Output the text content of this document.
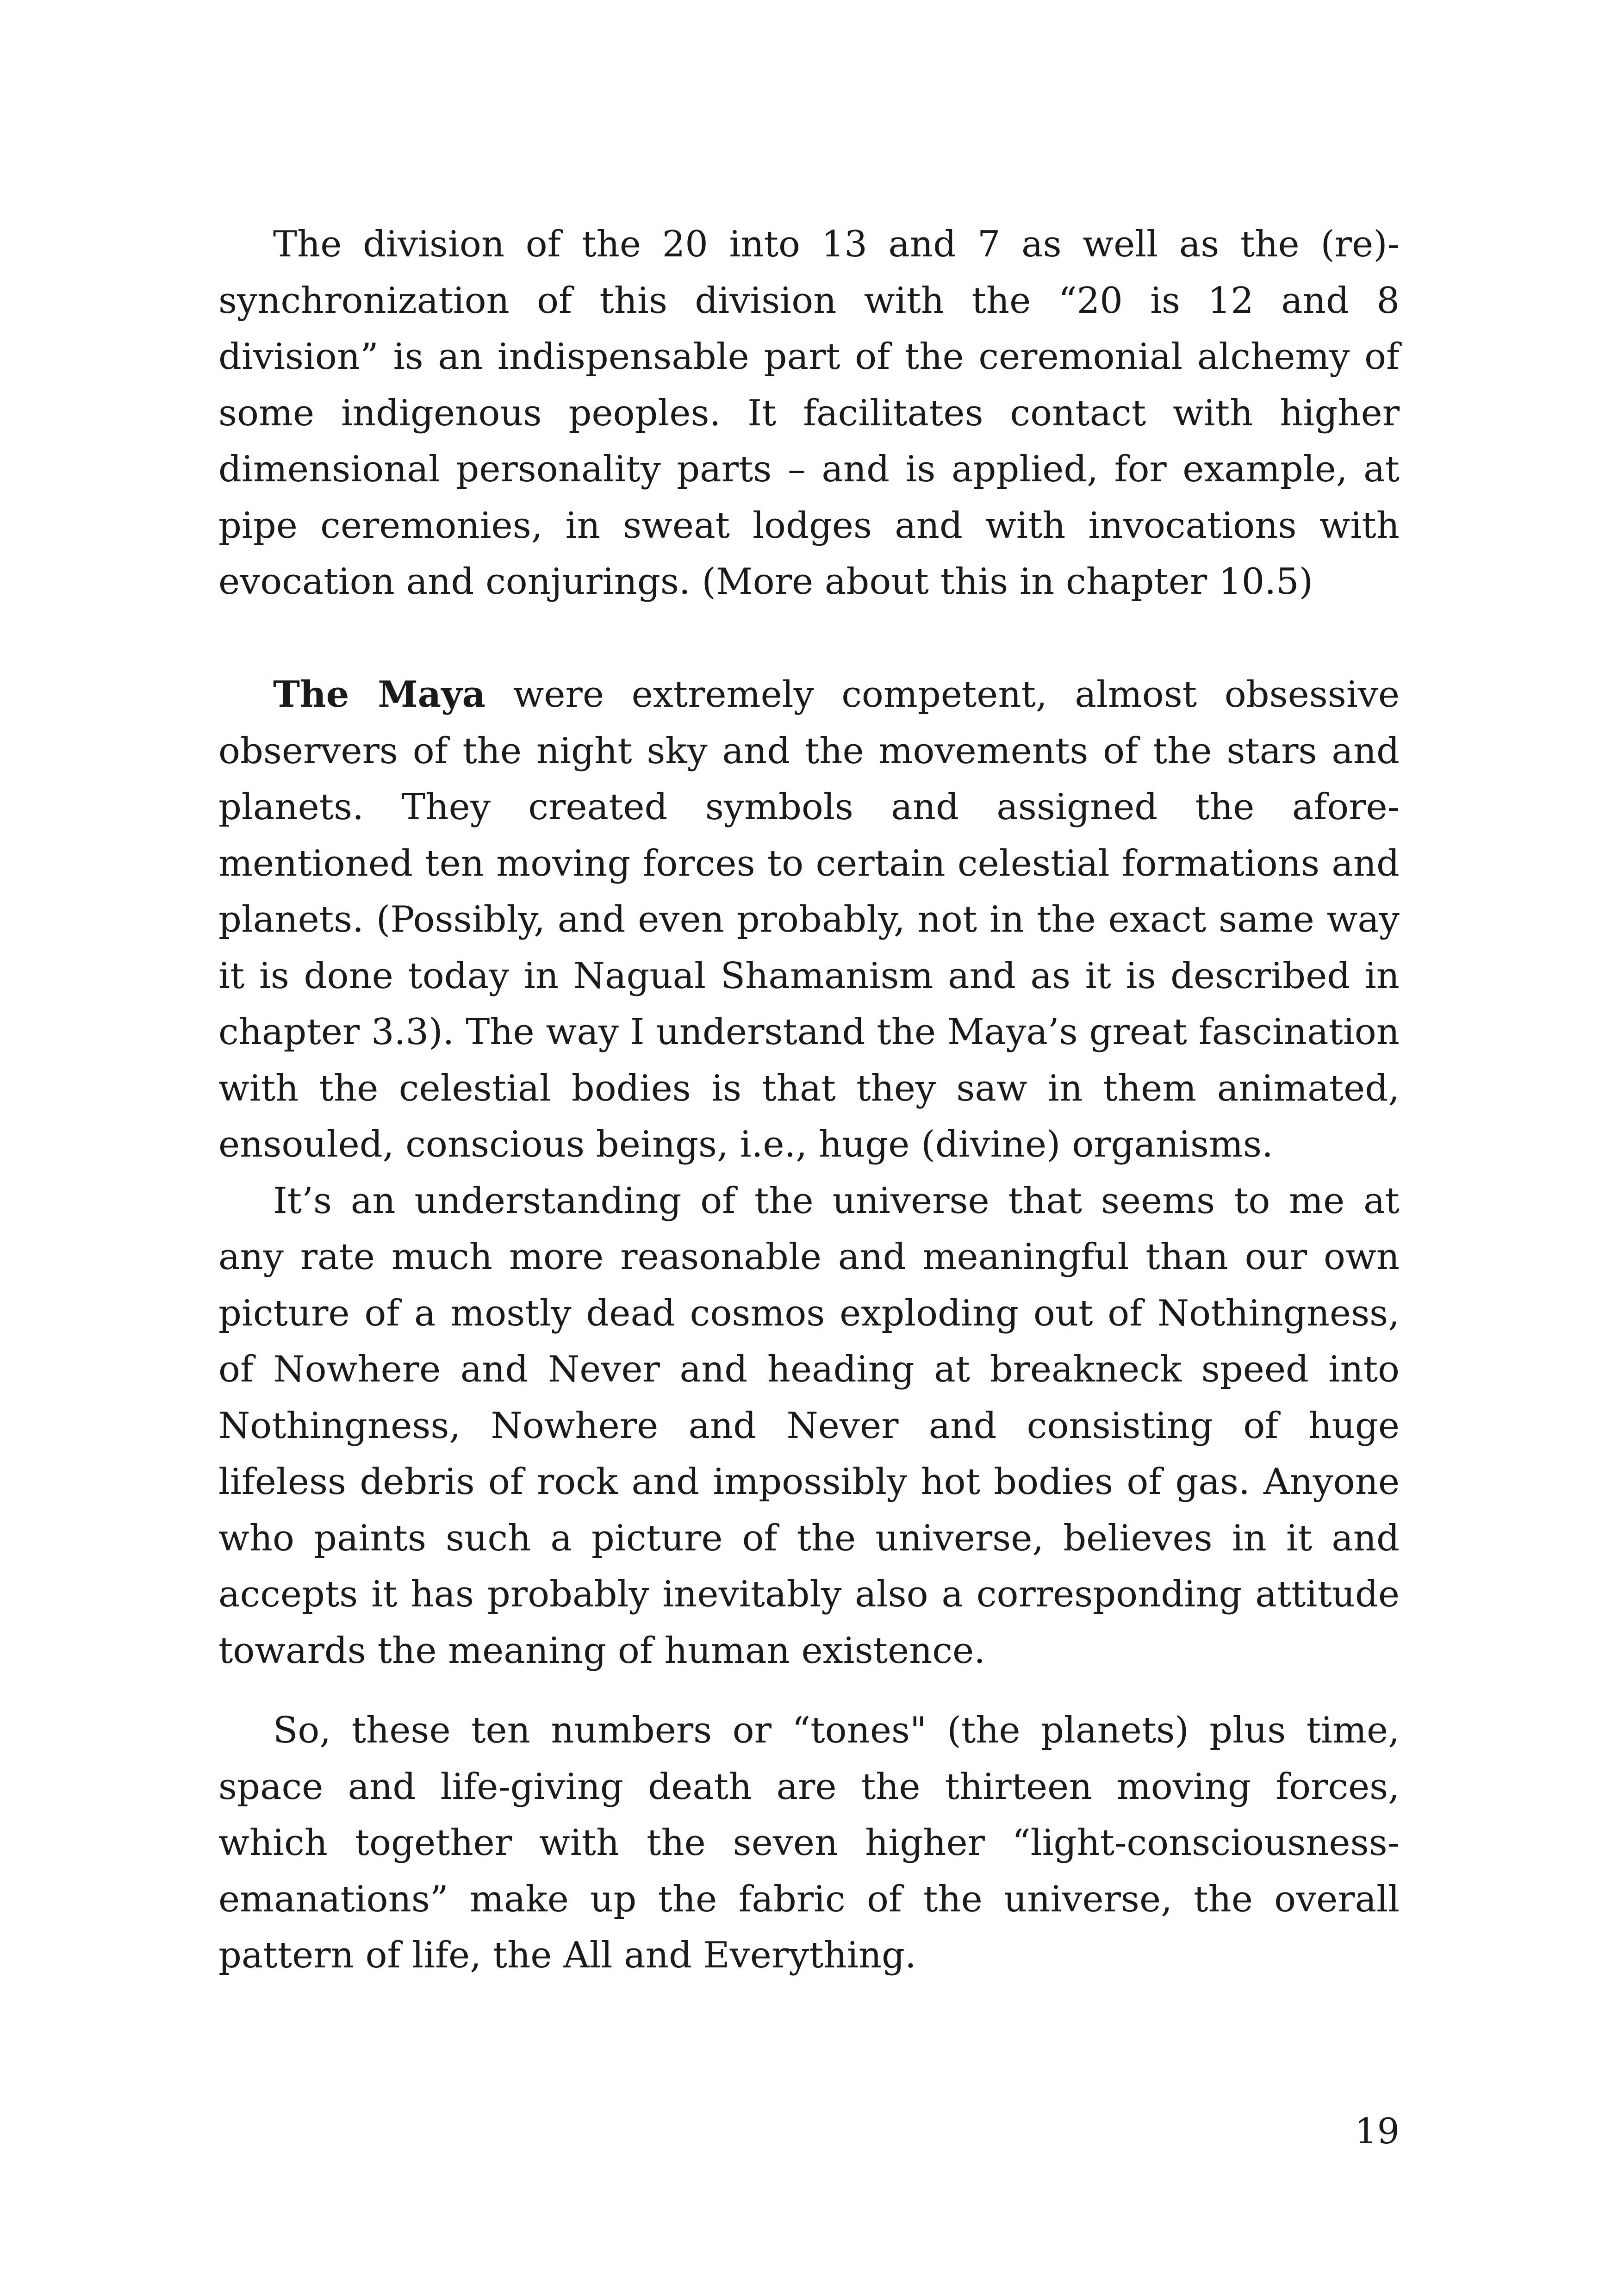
The division of the 20 into 13 and 7 as well as the (re)-synchronization of this division with the “20 is 12 and 8 division” is an indispensable part of the ceremonial alchemy of some indigenous peoples. It facilitates contact with higher dimensional personality parts – and is applied, for example, at pipe ceremonies, in sweat lodges and with invocations with evocation and conjurings. (More about this in chapter 10.5)

The Maya were extremely competent, almost obsessive observers of the night sky and the movements of the stars and planets. They created symbols and assigned the afore-mentioned ten moving forces to certain celestial formations and planets. (Possibly, and even probably, not in the exact same way it is done today in Nagual Shamanism and as it is described in chapter 3.3). The way I understand the Maya’s great fascination with the celestial bodies is that they saw in them animated, ensouled, conscious beings, i.e., huge (divine) organisms.

It’s an understanding of the universe that seems to me at any rate much more reasonable and meaningful than our own picture of a mostly dead cosmos exploding out of Nothingness, of Nowhere and Never and heading at breakneck speed into Nothingness, Nowhere and Never and consisting of huge lifeless debris of rock and impossibly hot bodies of gas. Anyone who paints such a picture of the universe, believes in it and accepts it has probably inevitably also a corresponding attitude towards the meaning of human existence.

So, these ten numbers or “tones" (the planets) plus time, space and life-giving death are the thirteen moving forces, which together with the seven higher “light-consciousness-emanations” make up the fabric of the universe, the overall pattern of life, the All and Everything.

19
